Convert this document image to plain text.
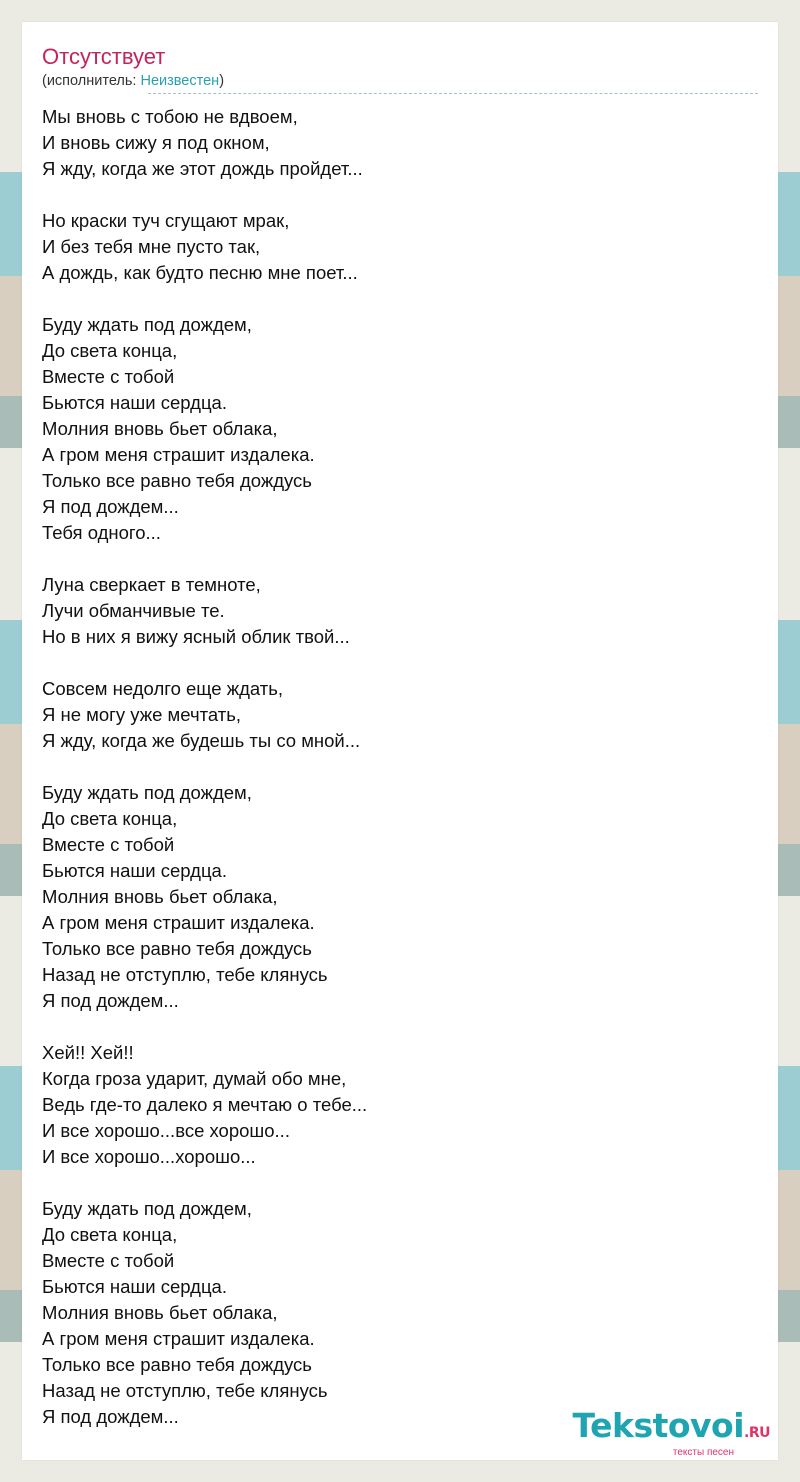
Отсутствует
(исполнитель: Неизвестен)
Мы вновь с тобою не вдвоем,
И вновь сижу я под окном,
Я жду, когда же этот дождь пройдет...
Но краски туч сгущают мрак,
И без тебя мне пусто так,
А дождь, как будто песню мне поет...
Буду ждать под дождем,
До света конца,
Вместе с тобой
Бьются наши сердца.
Молния вновь бьет облака,
А гром меня страшит издалека.
Только все равно тебя дождусь
Я под дождем...
Тебя одного...
Луна сверкает в темноте,
Лучи обманчивые те.
Но в них я вижу ясный облик твой...
Совсем недолго еще ждать,
Я не могу уже мечтать,
Я жду, когда же будешь ты со мной...
Буду ждать под дождем,
До света конца,
Вместе с тобой
Бьются наши сердца.
Молния вновь бьет облака,
А гром меня страшит издалека.
Только все равно тебя дождусь
Назад не отступлю, тебе клянусь
Я под дождем...
Хей!! Хей!!
Когда гроза ударит, думай обо мне,
Ведь где-то далеко я мечтаю о тебе...
И все хорошо...все хорошо...
И все хорошо...хорошо...
Буду ждать под дождем,
До света конца,
Вместе с тобой
Бьются наши сердца.
Молния вновь бьет облака,
А гром меня страшит издалека.
Только все равно тебя дождусь
Назад не отступлю, тебе клянусь
Я под дождем...	Tekstovoi.RU
тексты песен
